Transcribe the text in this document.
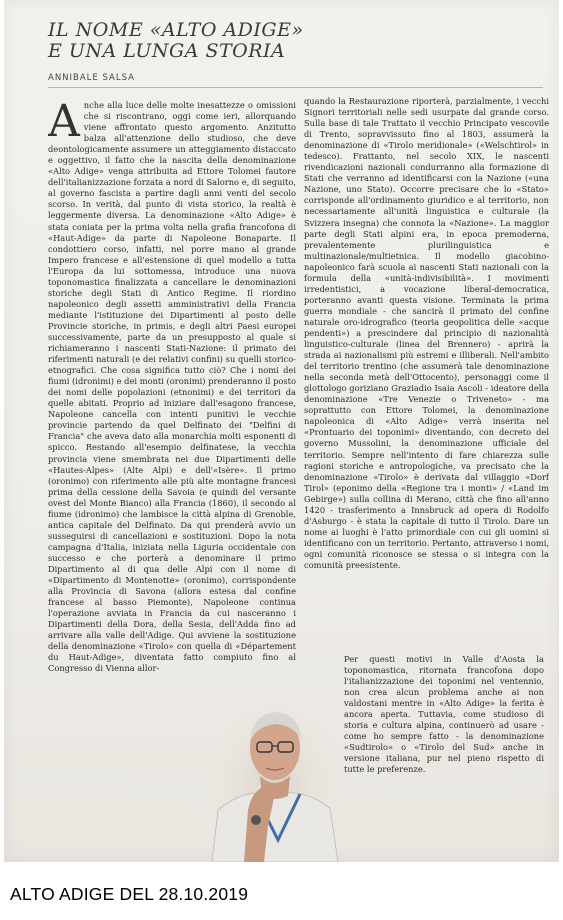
IL NOME «ALTO ADIGE»
E UNA LUNGA STORIA

ANNIBALE SALSA

A nche alla luce delle molte inesattezze o omissioni che si riscontrano, oggi come ieri, allorquando viene affrontato questo argomento. Anzitutto balza all'attenzione dello studioso, che deve deontologicamente assumere un atteggiamento distaccato e oggettivo, il fatto che la nascita della denominazione «Alto Adige» venga attribuita ad Ettore Tolomei fautore dell'italianizzazione forzata a nord di Salorno e, di seguito, al governo fascista a partire dagli anni venti del secolo scorso. In verità, dal punto di vista storico, la realtà è leggermente diversa. La denominazione «Alto Adige» è stata coniata per la prima volta nella grafia francofona di «Haut-Adige» da parte di Napoleone Bonaparte. Il condottiero corso, infatti, nel porre mano al grande Impero francese e all'estensione di quel modello a tutta l'Europa da lui sottomessa, introduce una nuova toponomastica finalizzata a cancellare le denominazioni storiche degli Stati di Antico Regime. Il riordino napoleonico degli assetti amministrativi della Francia mediante l'istituzione dei Dipartimenti al posto delle Provincie storiche, in primis, e degli altri Paesi europei successivamente, parte da un presupposto al quale si richiameranno i nascenti Stati-Nazione: il primato dei riferimenti naturali (e dei relativi confini) su quelli storico-etnografici. Che cosa significa tutto ciò? Che i nomi dei fiumi (idronimi) e dei monti (oronimi) prenderanno il posto dei nomi delle popolazioni (etnonimi) e dei territori da quelle abitati. Proprio ad iniziare dall'esagono francese, Napoleone cancella con intenti punitivi le vecchie provincie partendo da quel Delfinato dei "Delfini di Francia" che aveva dato alla monarchia molti esponenti di spicco. Restando all'esempio delfinatese, la vecchia provincia viene smembrata nei due Dipartimenti delle «Hautes-Alpes» (Alte Alpi) e dell'«Isère». Il primo (oronimo) con riferimento alle più alte montagne francesi prima della cessione della Savoia (e quindi del versante ovest del Monte Bianco) alla Francia (1860), il secondo al fiume (idronimo) che lambisce la città alpina di Grenoble, antica capitale del Delfinato. Da qui prenderà avvio un susseguirsi di cancellazioni e sostituzioni. Dopo la nota campagna d'Italia, iniziata nella Liguria occidentale con successo e che porterà a denominare il primo Dipartimento al di qua delle Alpi con il nome di «Dipartimento di Montenotte» (oronimo), corrispondente alla Provincia di Savona (allora estesa dal confine francese al basso Piemonte), Napoleone continua l'operazione avviata in Francia da cui nasceranno i Dipartimenti della Dora, della Sesia, dell'Adda fino ad arrivare alla valle dell'Adige. Qui avviene la sostituzione della denominazione «Tirolo» con quella di «Département du Haut-Adige», diventata fatto compiuto fino al Congresso di Vienna allor-

quando la Restaurazione riporterà, parzialmente, i vecchi Signori territoriali nelle sedi usurpate dal grande corso. Sulla base di tale Trattato il vecchio Principato vescovile di Trento, sopravvissuto fino al 1803, assumerà la denominazione di «Tirolo meridionale» («Welschtirol» in tedesco). Frattanto, nel secolo XIX, le nascenti rivendicazioni nazionali condurranno alla formazione di Stati che verranno ad identificarsi con la Nazione («una Nazione, uno Stato). Occorre precisare che lo «Stato» corrisponde all'ordinamento giuridico e al territorio, non necessariamente all'unità linguistica e culturale (la Svizzera insegna) che connota la «Nazione». La maggior parte degli Stati alpini era, in epoca premoderna, prevalentemente plurilinguistica e multinazionale/multietnica. Il modello giacobino-napoleonico farà scuola ai nascenti Stati nazionali con la formula della «unità-indivisibilità». I movimenti irredentistici, a vocazione liberal-democratica, porteranno avanti questa visione. Terminata la prima guerra mondiale - che sancirà il primato del confine naturale oro-idrografico (teoria geopolitica delle «acque pendenti») a prescindere dal principio di nazionalità linguistico-culturale (linea del Brennero) - aprirà la strada ai nazionalismi più estremi e illiberali. Nell'ambito del territorio trentino (che assumerà tale denominazione nella seconda metà dell'Ottocento), personaggi come il glottologo goriziano Graziadio Isaia Ascoli - ideatore della denominazione «Tre Venezie o Triveneto» - ma soprattutto con Ettore Tolomei, la denominazione napoleonica di «Alto Adige» verrà inserita nel «Prontuario dei toponimi» diventando, con decreto del governo Mussolini, la denominazione ufficiale del territorio. Sempre nell'intento di fare chiarezza sulle ragioni storiche e antropologiche, va precisato che la denominazione «Tirolo» è derivata dal villaggio «Dorf Tirol» (eponimo della «Regione tra i monti» / «Land im Gebirge») sulla collina di Merano, città che fino all'anno 1420 - trasferimento a Innsbruck ad opera di Rodolfo d'Asburgo - è stata la capitale di tutto il Tirolo. Dare un nome ai luoghi è l'atto primordiale con cui gli uomini si identificano con un territorio. Pertanto, attraverso i nomi, ogni comunità riconosce se stessa o si integra con la comunità preesistente.

Per questi motivi in Valle d'Aosta la toponomastica, ritornata francofona dopo l'italianizzazione dei toponimi nel ventennio, non crea alcun problema anche ai non valdostani mentre in «Alto Adige» la ferita è ancora aperta. Tuttavia, come studioso di storia e cultura alpina, continuerò ad usare - come ho sempre fatto - la denominazione «Sudtirolo» o «Tirolo del Sud» anche in versione italiana, pur nel pieno rispetto di tutte le preferenze.

ALTO ADIGE DEL 28.10.2019
